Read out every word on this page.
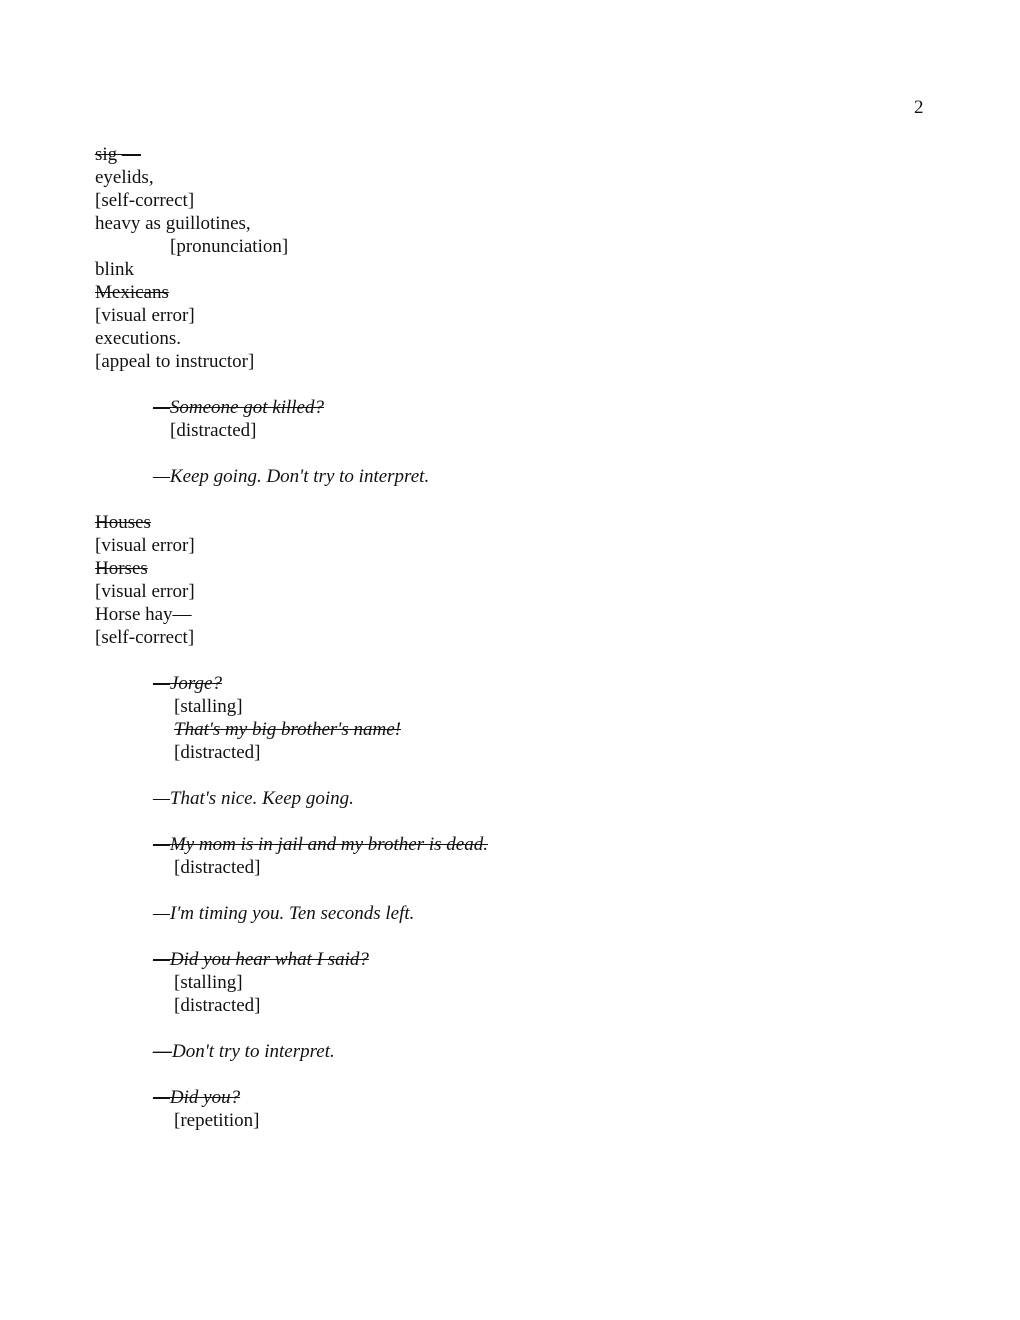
2
sig —
eyelids,
[self-correct]
heavy as guillotines,
[pronunciation]
blink
Mexicans
[visual error]
executions.
[appeal to instructor]
—Someone got killed?
[distracted]
—Keep going. Don't try to interpret.
Houses
[visual error]
Horses
[visual error]
Horse hay—
[self-correct]
—Jorge?
[stalling]
That's my big brother's name!
[distracted]
—That's nice. Keep going.
—My mom is in jail and my brother is dead.
[distracted]
—I'm timing you. Ten seconds left.
—Did you hear what I said?
[stalling]
[distracted]
—Don't try to interpret.
—Did you?
[repetition]
